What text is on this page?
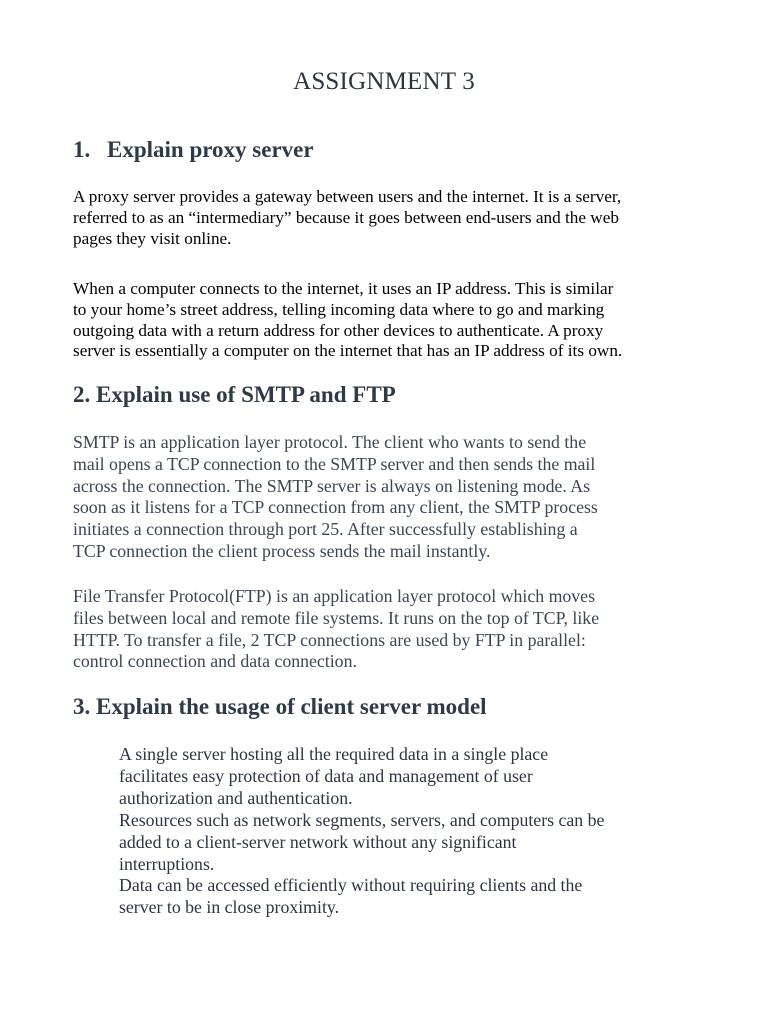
ASSIGNMENT 3
1. Explain proxy server

A proxy server provides a gateway between users and the internet. It is a server,
referred to as an “intermediary” because it goes between end-users and the web
pages they visit online.

When a computer connects to the internet, it uses an IP address. This is similar
to your home’s street address, telling incoming data where to go and marking
outgoing data with a return address for other devices to authenticate. A proxy
server is essentially a computer on the internet that has an IP address of its own.

2. Explain use of SMTP and FTP

SMTP is an application layer protocol. The client who wants to send the
mail opens a TCP connection to the SMTP server and then sends the mail
across the connection. The SMTP server is always on listening mode. As
soon as it listens for a TCP connection from any client, the SMTP process
initiates a connection through port 25. After successfully establishing a
TCP connection the client process sends the mail instantly.

File Transfer Protocol(FTP) is an application layer protocol which moves
files between local and remote file systems. It runs on the top of TCP, like
HTTP. To transfer a file, 2 TCP connections are used by FTP in parallel:
control connection and data connection.

3. Explain the usage of client server model

A single server hosting all the required data in a single place
facilitates easy protection of data and management of user
authorization and authentication.
Resources such as network segments, servers, and computers can be
added to a client-server network without any significant
interruptions.
Data can be accessed efficiently without requiring clients and the
server to be in close proximity.
